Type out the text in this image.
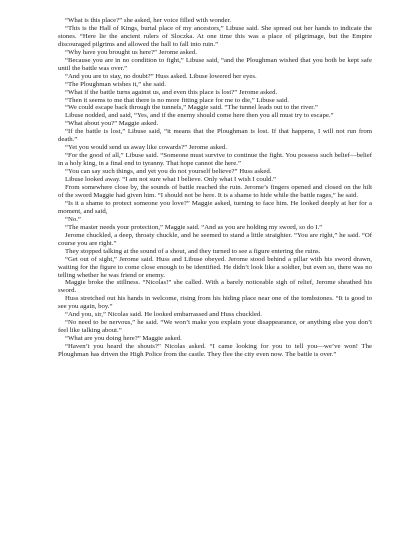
“What is this place?” she asked, her voice filled with wonder.

“This is the Hall of Kings, burial place of my ancestors,” Libuse said. She spread out her hands to indicate the stones. “Here lie the ancient rulers of Sloczka. At one time this was a place of pilgrimage, but the Empire discouraged pilgrims and allowed the hall to fall into ruin.”

“Why have you brought us here?” Jerome asked.

“Because you are in no condition to fight,” Libuse said, “and the Ploughman wished that you both be kept safe until the battle was over.”

“And you are to stay, no doubt?” Huss asked. Libuse lowered her eyes.

“The Ploughman wishes it,” she said.

“What if the battle turns against us, and even this place is lost?” Jerome asked.

“Then it seems to me that there is no more fitting place for me to die,” Libuse said.

“We could escape back through the tunnels,” Maggie said. “The tunnel leads out to the river.”

Libuse nodded, and said, “Yes, and if the enemy should come here then you all must try to escape.”

“What about you?” Maggie asked.

“If the battle is lost,” Libuse said, “it means that the Ploughman is lost. If that happens, I will not run from death.”

“Yet you would send us away like cowards?” Jerome asked.

“For the good of all,” Libuse said. “Someone must survive to continue the fight. You possess such belief—belief in a holy king, in a final end to tyranny. That hope cannot die here.”

“You can say such things, and yet you do not yourself believe?” Huss asked.

Libuse looked away. “I am not sure what I believe. Only what I wish I could.”

From somewhere close by, the sounds of battle reached the ruin. Jerome’s fingers opened and closed on the hilt of the sword Maggie had given him. “I should not be here. It is a shame to hide while the battle rages,” he said.

“Is it a shame to protect someone you love?” Maggie asked, turning to face him. He looked deeply at her for a moment, and said,

“No.”

“The master needs your protection,” Maggie said. “And as you are holding my sword, so do I.”

Jerome chuckled, a deep, throaty chuckle, and he seemed to stand a little straighter. “You are right,” he said. “Of course you are right.”

They stopped talking at the sound of a shout, and they turned to see a figure entering the ruins.

“Get out of sight,” Jerome said. Huss and Libuse obeyed. Jerome stood behind a pillar with his sword drawn, waiting for the figure to come close enough to be identified. He didn’t look like a soldier, but even so, there was no telling whether he was friend or enemy.

Maggie broke the stillness. “Nicolas!” she called. With a barely noticeable sigh of relief, Jerome sheathed his sword.

Huss stretched out his hands in welcome, rising from his hiding place near one of the tombstones. “It is good to see you again, boy.”

“And you, sir,” Nicolas said. He looked embarrassed and Huss chuckled.

“No need to be nervous,” he said. “We won’t make you explain your disappearance, or anything else you don’t feel like talking about.”

“What are you doing here?” Maggie asked.

“Haven’t you heard the shouts?” Nicolas asked. “I came looking for you to tell you—we’ve won! The Ploughman has driven the High Police from the castle. They flee the city even now. The battle is over.”
